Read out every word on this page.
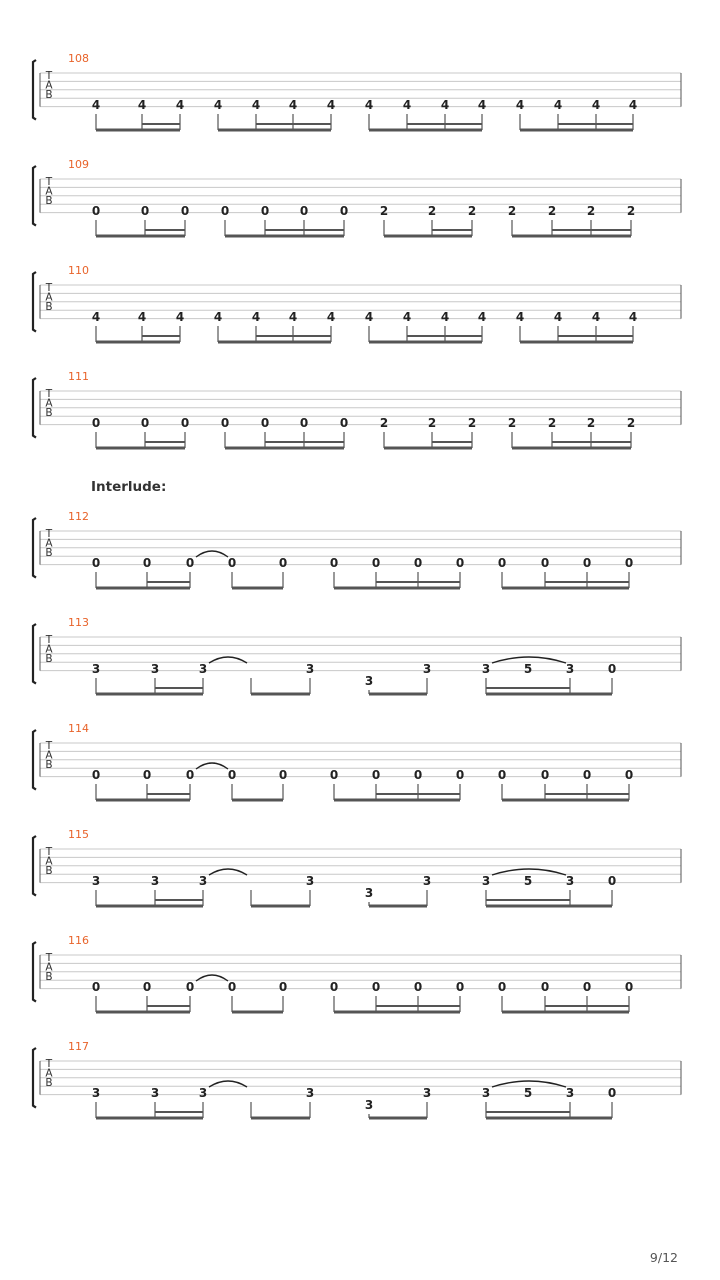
Interlude:
T
A
B
108
4	4 4 4 4 4 4 4 4 4 4 4 4 4 4
T
A
B
109
0	0	0	0	0	0	0	2	2	2	2	2	2	2
T
A
B
110
4	4 4 4 4 4 4 4 4 4 4 4 4 4 4
T
A
B
111
0	0	0	0	0	0	0	2	2	2	2	2	2	2
T
A
B
112
0	0	0	0	0	0	0	0	0	0	0	0	0
T
A
B
113
3	3	3	3
3
3	3	5	3	0
T
A
B
114
0	0	0	0	0	0	0	0	0	0	0	0	0
T
A
B
115
3	3	3	3
3
3	3	5	3	0
T
A
B
116
0	0	0	0	0	0	0	0	0	0	0	0	0
T
A
B
117
3	3	3	3
3
3	3	5	3	0
9/12
